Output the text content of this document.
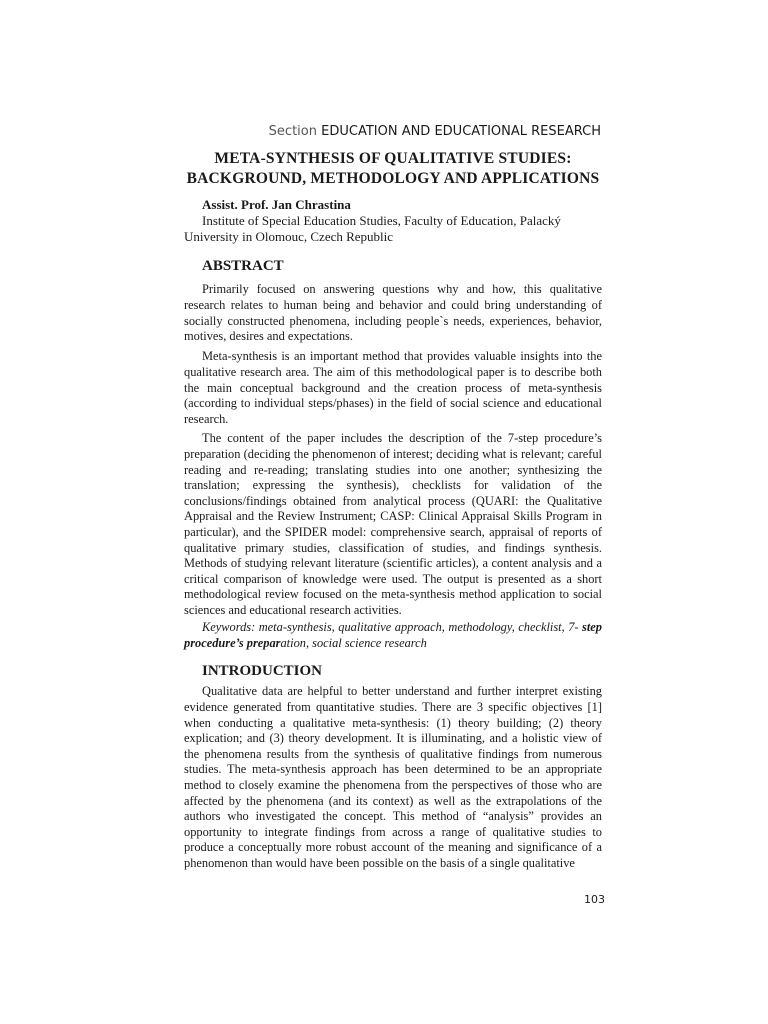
Section EDUCATION AND EDUCATIONAL RESEARCH
META-SYNTHESIS OF QUALITATIVE STUDIES:
BACKGROUND, METHODOLOGY AND APPLICATIONS
Assist. Prof. Jan Chrastina
Institute of Special Education Studies, Faculty of Education, Palacký University in Olomouc, Czech Republic
ABSTRACT

Primarily focused on answering questions why and how, this qualitative research relates to human being and behavior and could bring understanding of socially constructed phenomena, including people`s needs, experiences, behavior, motives, desires and expectations.

Meta-synthesis is an important method that provides valuable insights into the qualitative research area. The aim of this methodological paper is to describe both the main conceptual background and the creation process of meta-synthesis (according to individual steps/phases) in the field of social science and educational research.

The content of the paper includes the description of the 7-step procedure’s preparation (deciding the phenomenon of interest; deciding what is relevant; careful reading and re-reading; translating studies into one another; synthesizing the translation; expressing the synthesis), checklists for validation of the conclusions/findings obtained from analytical process (QUARI: the Qualitative Appraisal and the Review Instrument; CASP: Clinical Appraisal Skills Program in particular), and the SPIDER model: comprehensive search, appraisal of reports of qualitative primary studies, classification of studies, and findings synthesis. Methods of studying relevant literature (scientific articles), a content analysis and a critical comparison of knowledge were used. The output is presented as a short methodological review focused on the meta-synthesis method application to social sciences and educational research activities.

Keywords: meta-synthesis, qualitative approach, methodology, checklist, 7- step procedure’s preparation, social science research
INTRODUCTION

Qualitative data are helpful to better understand and further interpret existing evidence generated from quantitative studies. There are 3 specific objectives [1] when conducting a qualitative meta-synthesis: (1) theory building; (2) theory explication; and (3) theory development. It is illuminating, and a holistic view of the phenomena results from the synthesis of qualitative findings from numerous studies. The meta-synthesis approach has been determined to be an appropriate method to closely examine the phenomena from the perspectives of those who are affected by the phenomena (and its context) as well as the extrapolations of the authors who investigated the concept. This method of “analysis” provides an opportunity to integrate findings from across a range of qualitative studies to produce a conceptually more robust account of the meaning and significance of a phenomenon than would have been possible on the basis of a single qualitative

103
